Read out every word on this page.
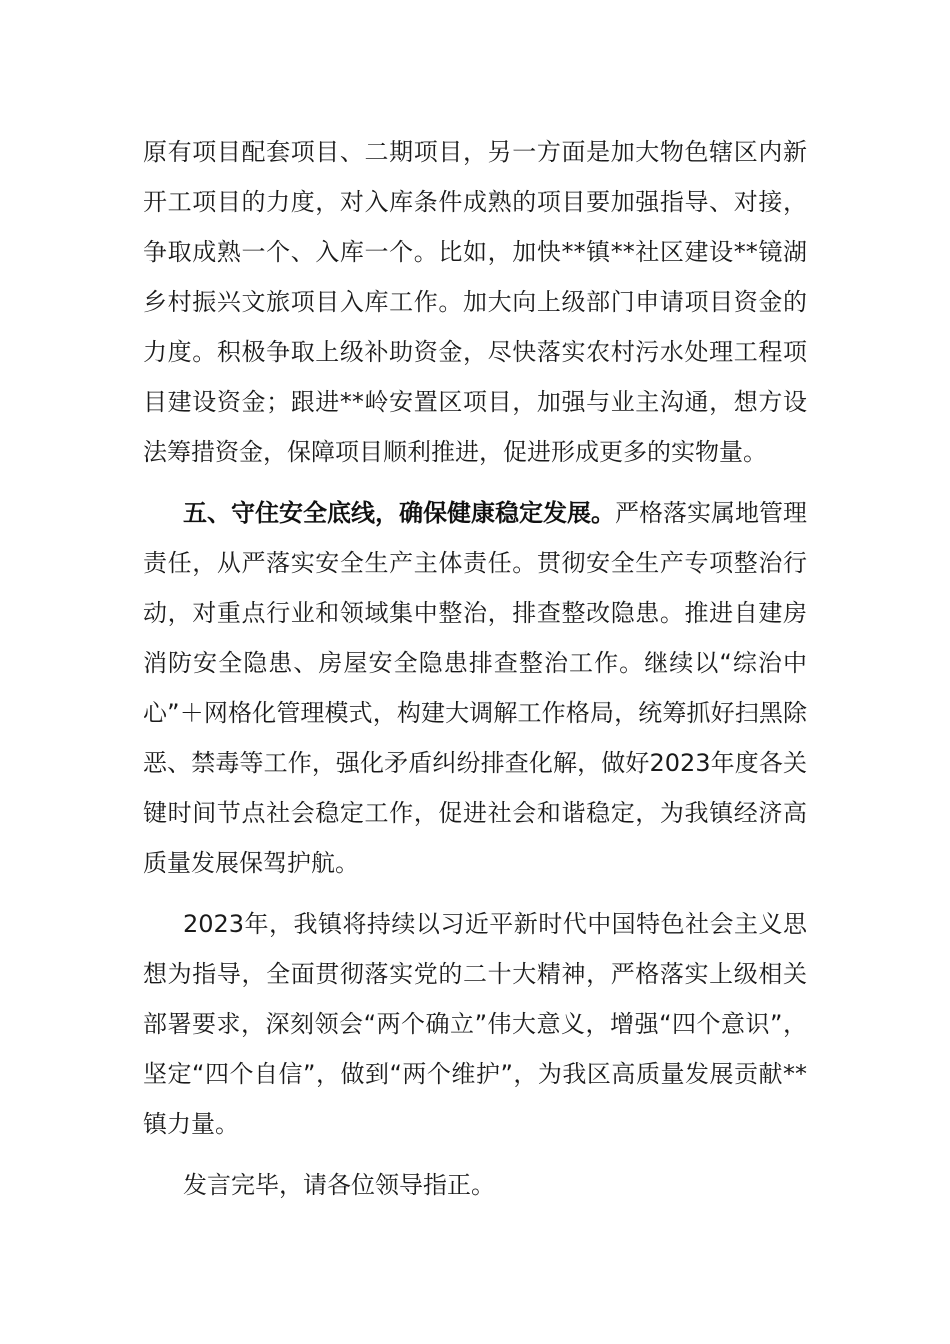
原有项目配套项目、二期项目，另一方面是加大物色辖区内新开工项目的力度，对入库条件成熟的项目要加强指导、对接，争取成熟一个、入库一个。比如，加快**镇**社区建设**镜湖乡村振兴文旅项目入库工作。加大向上级部门申请项目资金的力度。积极争取上级补助资金，尽快落实农村污水处理工程项目建设资金；跟进**岭安置区项目，加强与业主沟通，想方设法筹措资金，保障项目顺利推进，促进形成更多的实物量。

五、守住安全底线，确保健康稳定发展。严格落实属地管理责任，从严落实安全生产主体责任。贯彻安全生产专项整治行动，对重点行业和领域集中整治，排查整改隐患。推进自建房消防安全隐患、房屋安全隐患排查整治工作。继续以“综治中心”＋网格化管理模式，构建大调解工作格局，统筹抓好扫黑除恶、禁毒等工作，强化矛盾纠纷排查化解，做好2023年度各关键时间节点社会稳定工作，促进社会和谐稳定，为我镇经济高质量发展保驾护航。

2023年，我镇将持续以习近平新时代中国特色社会主义思想为指导，全面贯彻落实党的二十大精神，严格落实上级相关部署要求，深刻领会“两个确立”伟大意义，增强“四个意识”，坚定“四个自信”，做到“两个维护”，为我区高质量发展贡献**镇力量。

发言完毕，请各位领导指正。
